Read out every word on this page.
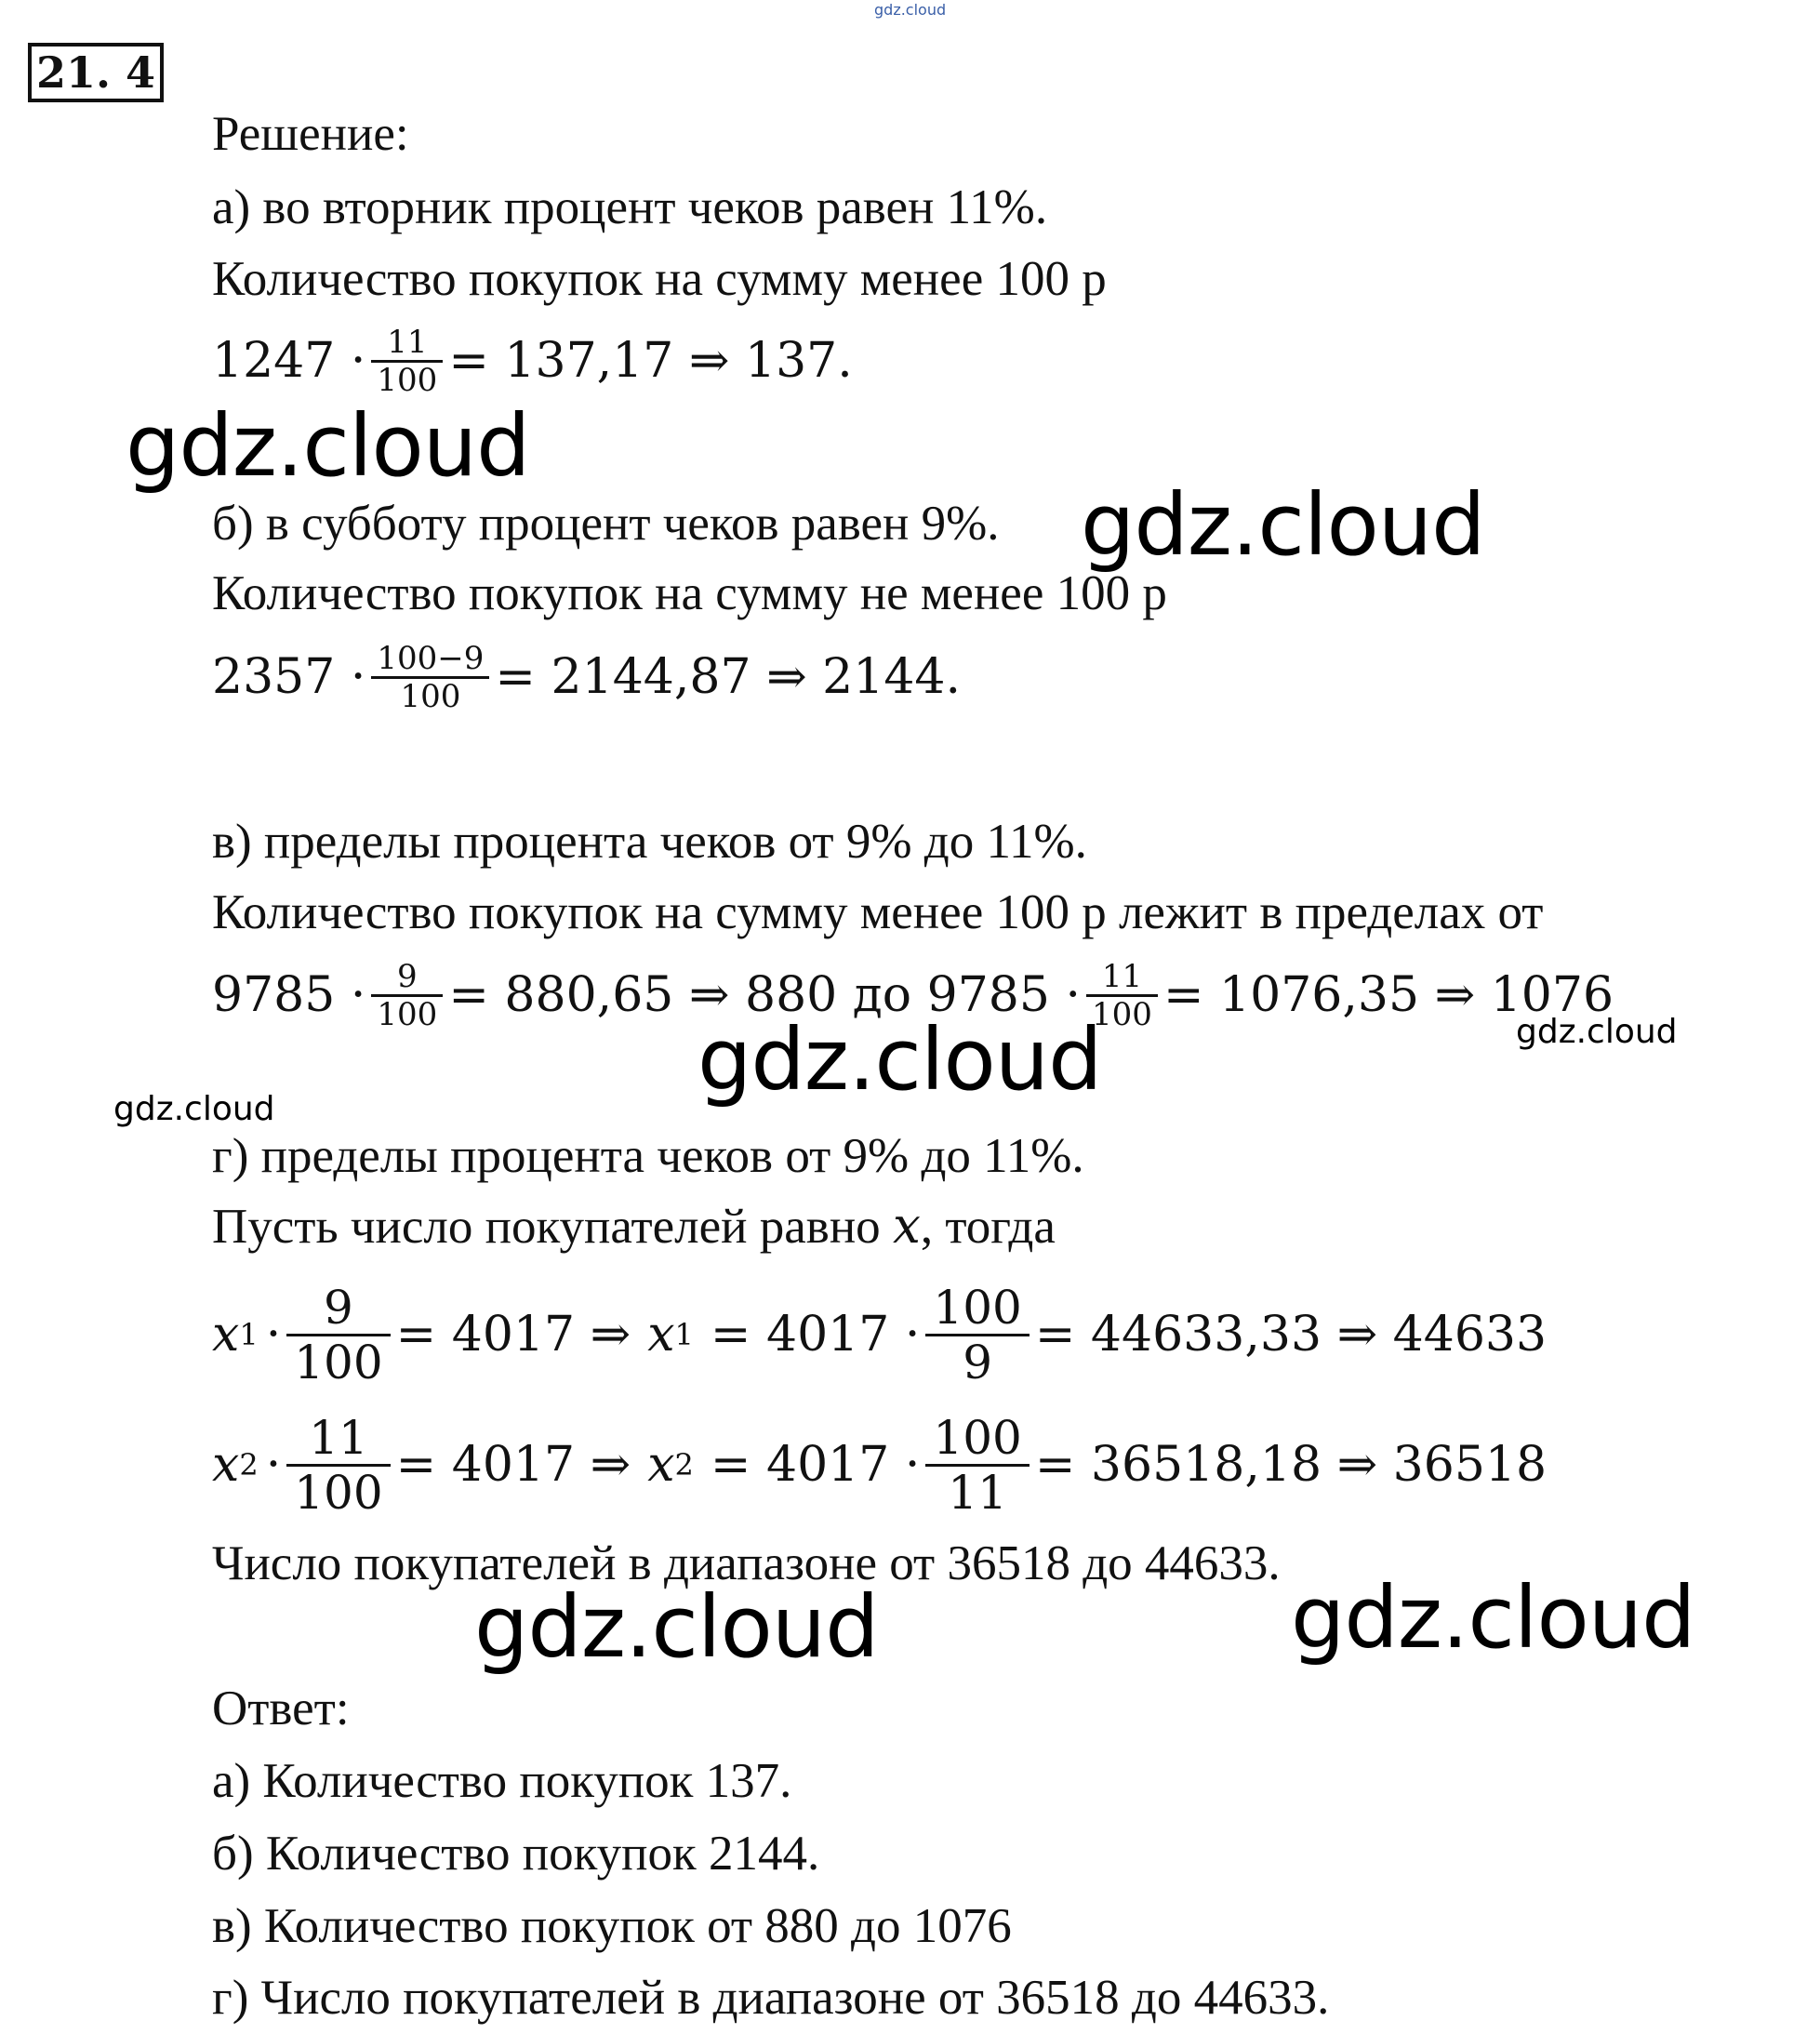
gdz.cloud
21. 4
Решение:
а) во вторник процент чеков равен 11%.
Количество покупок на сумму менее 100 р
$1247 \cdot \frac{11}{100} = 137,17$ ⇒ 137.
б) в субботу процент чеков равен 9%.
Количество покупок на сумму не менее 100 р
$2357 \cdot \frac{100-9}{100} = 2144,87$ ⇒ 2144.
в) пределы процента чеков от 9% до 11%.
Количество покупок на сумму менее 100 р лежит в пределах от
$9785 \cdot \frac{9}{100} = 880,65$ ⇒ 880 до $9785 \cdot \frac{11}{100} = 1076,35$ ⇒ 1076
г) пределы процента чеков от 9% до 11%.
Пусть число покупателей равно x, тогда
x $1 \cdot \frac{9}{100} = 4017$ ⇒ x $1 = 4017 \cdot \frac{100}{9} = 44633,33$ ⇒ 44633
x $2 \cdot \frac{11}{100} = 4017$ ⇒ x $2 = 4017 \cdot \frac{100}{11} = 36518,18$ ⇒ 36518
Число покупателей в диапазоне от 36518 до 44633.
Ответ:
а) Количество покупок 137.
б) Количество покупок 2144.
в) Количество покупок от 880 до 1076
г) Число покупателей в диапазоне от 36518 до 44633.
gdz.cloud
gdz.cloud
gdz.cloud
gdz.cloud
gdz.cloud
gdz.cloud	gdz.cloud
